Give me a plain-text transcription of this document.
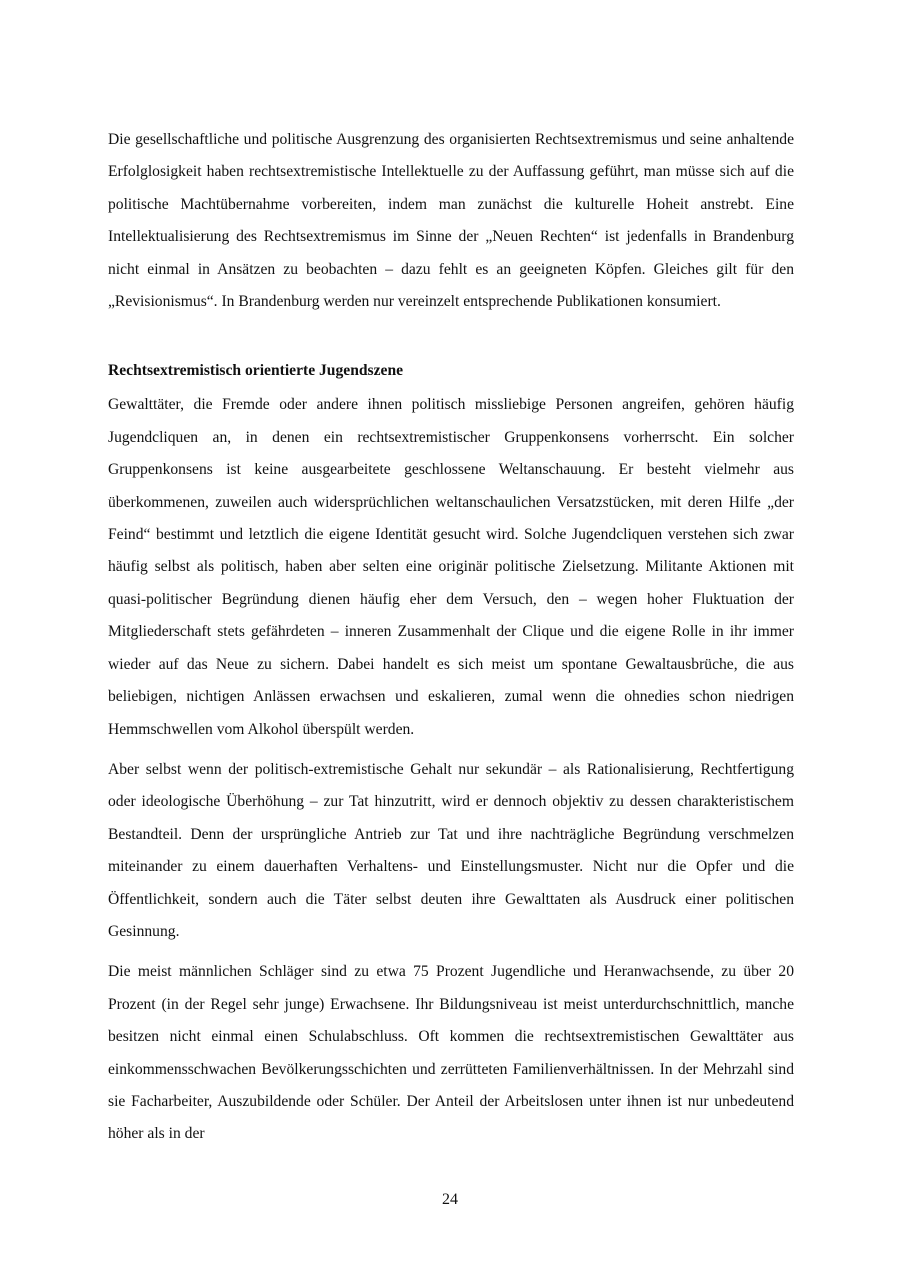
Die gesellschaftliche und politische Ausgrenzung des organisierten Rechtsextremismus und seine anhaltende Erfolglosigkeit haben rechtsextremistische Intellektuelle zu der Auffassung geführt, man müsse sich auf die politische Machtübernahme vorbereiten, indem man zunächst die kulturelle Hoheit anstrebt. Eine Intellektualisierung des Rechtsextremismus im Sinne der „Neuen Rechten“ ist jedenfalls in Brandenburg nicht einmal in Ansätzen zu beobachten – dazu fehlt es an geeigneten Köpfen. Gleiches gilt für den „Revisionismus“. In Brandenburg werden nur vereinzelt entsprechende Publikationen konsumiert.

Rechtsextremistisch orientierte Jugendszene

Gewalttäter, die Fremde oder andere ihnen politisch missliebige Personen angreifen, gehören häufig Jugendcliquen an, in denen ein rechtsextremistischer Gruppenkonsens vorherrscht. Ein solcher Gruppenkonsens ist keine ausgearbeitete geschlossene Weltanschauung. Er besteht vielmehr aus überkommenen, zuweilen auch widersprüchlichen weltanschaulichen Versatzstücken, mit deren Hilfe „der Feind“ bestimmt und letztlich die eigene Identität gesucht wird. Solche Jugendcliquen verstehen sich zwar häufig selbst als politisch, haben aber selten eine originär politische Zielsetzung. Militante Aktionen mit quasi-politischer Begründung dienen häufig eher dem Versuch, den – wegen hoher Fluktuation der Mitgliederschaft stets gefährdeten – inneren Zusammenhalt der Clique und die eigene Rolle in ihr immer wieder auf das Neue zu sichern. Dabei handelt es sich meist um spontane Gewaltausbrüche, die aus beliebigen, nichtigen Anlässen erwachsen und eskalieren, zumal wenn die ohnedies schon niedrigen Hemmschwellen vom Alkohol überspült werden.

Aber selbst wenn der politisch-extremistische Gehalt nur sekundär – als Rationalisierung, Rechtfertigung oder ideologische Überhöhung – zur Tat hinzutritt, wird er dennoch objektiv zu dessen charakteristischem Bestandteil. Denn der ursprüngliche Antrieb zur Tat und ihre nachträgliche Begründung verschmelzen miteinander zu einem dauerhaften Verhaltens- und Einstellungsmuster. Nicht nur die Opfer und die Öffentlichkeit, sondern auch die Täter selbst deuten ihre Gewalttaten als Ausdruck einer politischen Gesinnung.

Die meist männlichen Schläger sind zu etwa 75 Prozent Jugendliche und Heranwachsende, zu über 20 Prozent (in der Regel sehr junge) Erwachsene. Ihr Bildungsniveau ist meist unterdurchschnittlich, manche besitzen nicht einmal einen Schulabschluss. Oft kommen die rechtsextremistischen Gewalttäter aus einkommensschwachen Bevölkerungsschichten und zerrütteten Familienverhältnissen. In der Mehrzahl sind sie Facharbeiter, Auszubildende oder Schüler. Der Anteil der Arbeitslosen unter ihnen ist nur unbedeutend höher als in der

24
